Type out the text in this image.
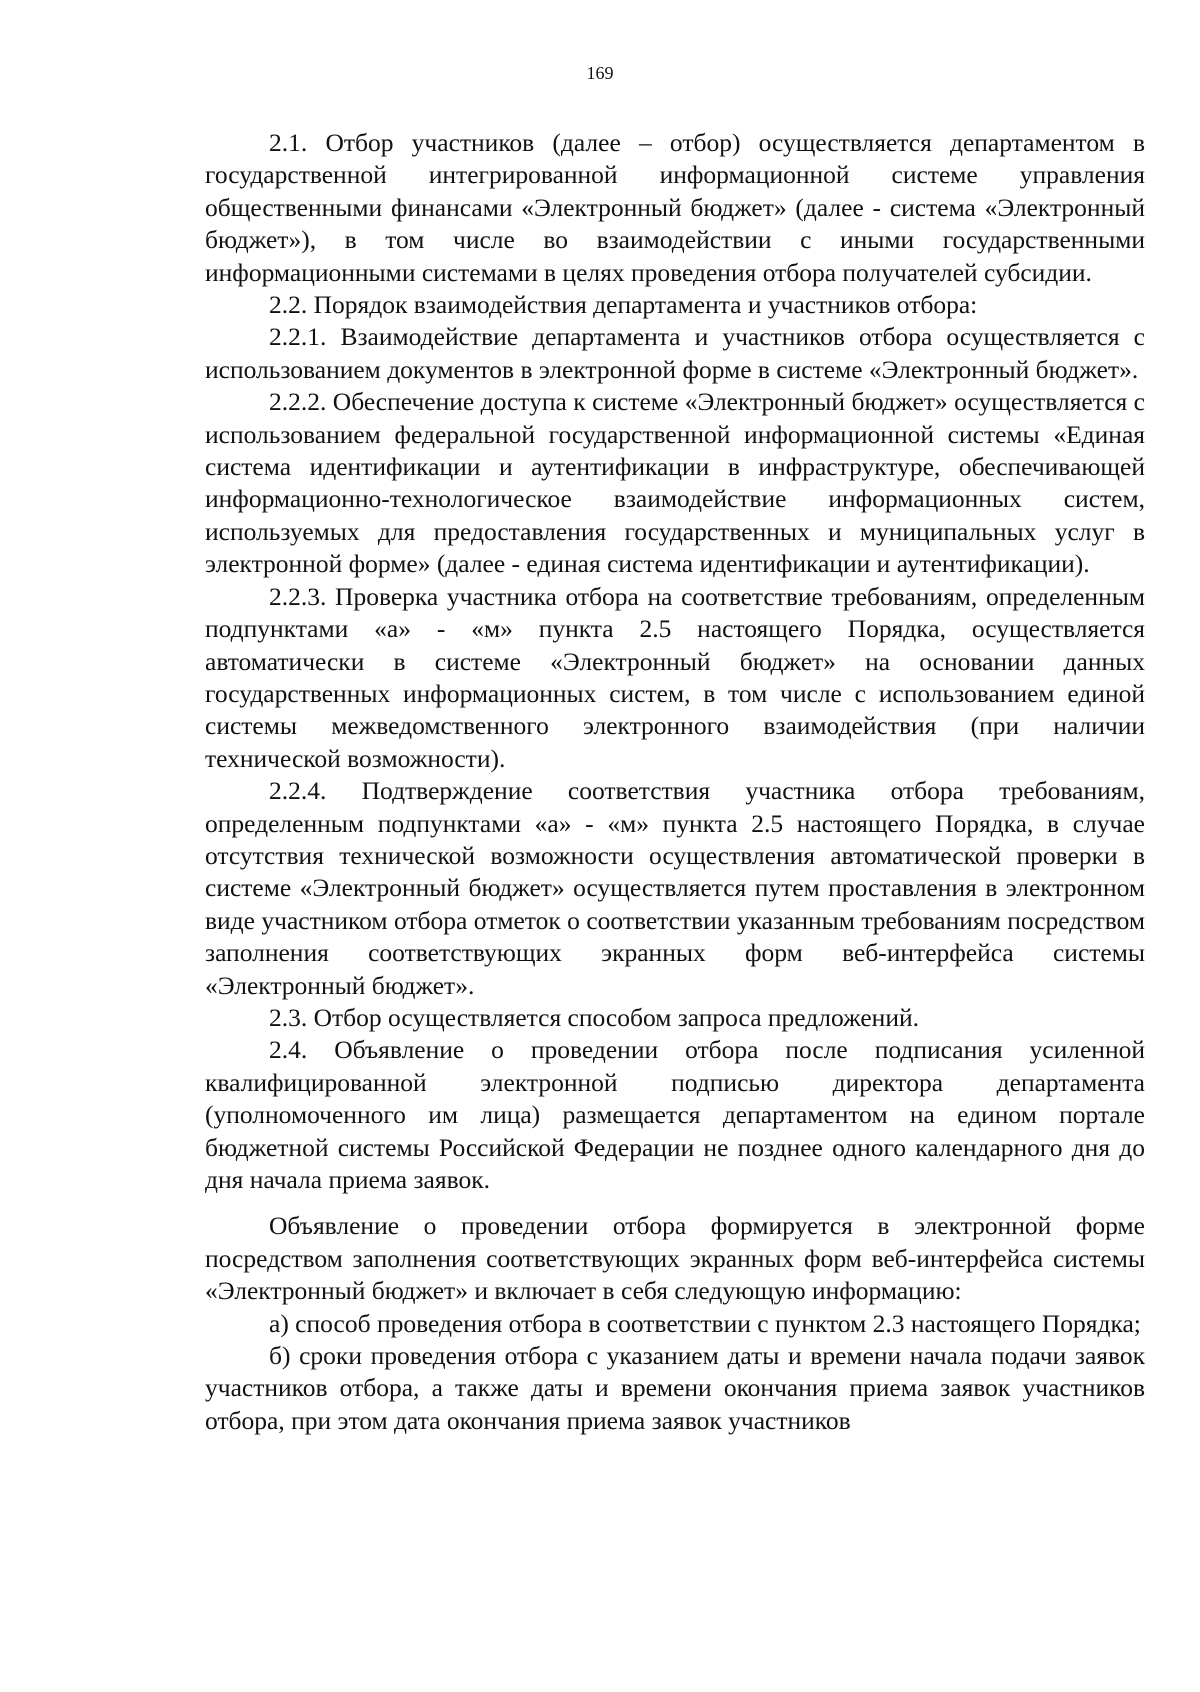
169

2.1. Отбор участников (далее – отбор) осуществляется департаментом в государственной интегрированной информационной системе управления общественными финансами «Электронный бюджет» (далее - система «Электронный бюджет»), в том числе во взаимодействии с иными государственными информационными системами в целях проведения отбора получателей субсидии.

2.2. Порядок взаимодействия департамента и участников отбора:

2.2.1. Взаимодействие департамента и участников отбора осуществляется с использованием документов в электронной форме в системе «Электронный бюджет».

2.2.2. Обеспечение доступа к системе «Электронный бюджет» осуществляется с использованием федеральной государственной информационной системы «Единая система идентификации и аутентификации в инфраструктуре, обеспечивающей информационно-технологическое взаимодействие информационных систем, используемых для предоставления государственных и муниципальных услуг в электронной форме» (далее - единая система идентификации и аутентификации).

2.2.3. Проверка участника отбора на соответствие требованиям, определенным подпунктами «а» - «м» пункта 2.5 настоящего Порядка, осуществляется автоматически в системе «Электронный бюджет» на основании данных государственных информационных систем, в том числе с использованием единой системы межведомственного электронного взаимодействия (при наличии технической возможности).

2.2.4. Подтверждение соответствия участника отбора требованиям, определенным подпунктами «а» - «м» пункта 2.5 настоящего Порядка, в случае отсутствия технической возможности осуществления автоматической проверки в системе «Электронный бюджет» осуществляется путем проставления в электронном виде участником отбора отметок о соответствии указанным требованиям посредством заполнения соответствующих экранных форм веб-интерфейса системы «Электронный бюджет».

2.3. Отбор осуществляется способом запроса предложений.

2.4. Объявление о проведении отбора после подписания усиленной квалифицированной электронной подписью директора департамента (уполномоченного им лица) размещается департаментом на едином портале бюджетной системы Российской Федерации не позднее одного календарного дня до дня начала приема заявок.

Объявление о проведении отбора формируется в электронной форме посредством заполнения соответствующих экранных форм веб-интерфейса системы «Электронный бюджет» и включает в себя следующую информацию:

а) способ проведения отбора в соответствии с пунктом 2.3 настоящего Порядка;

б) сроки проведения отбора с указанием даты и времени начала подачи заявок участников отбора, а также даты и времени окончания приема заявок участников отбора, при этом дата окончания приема заявок участников
